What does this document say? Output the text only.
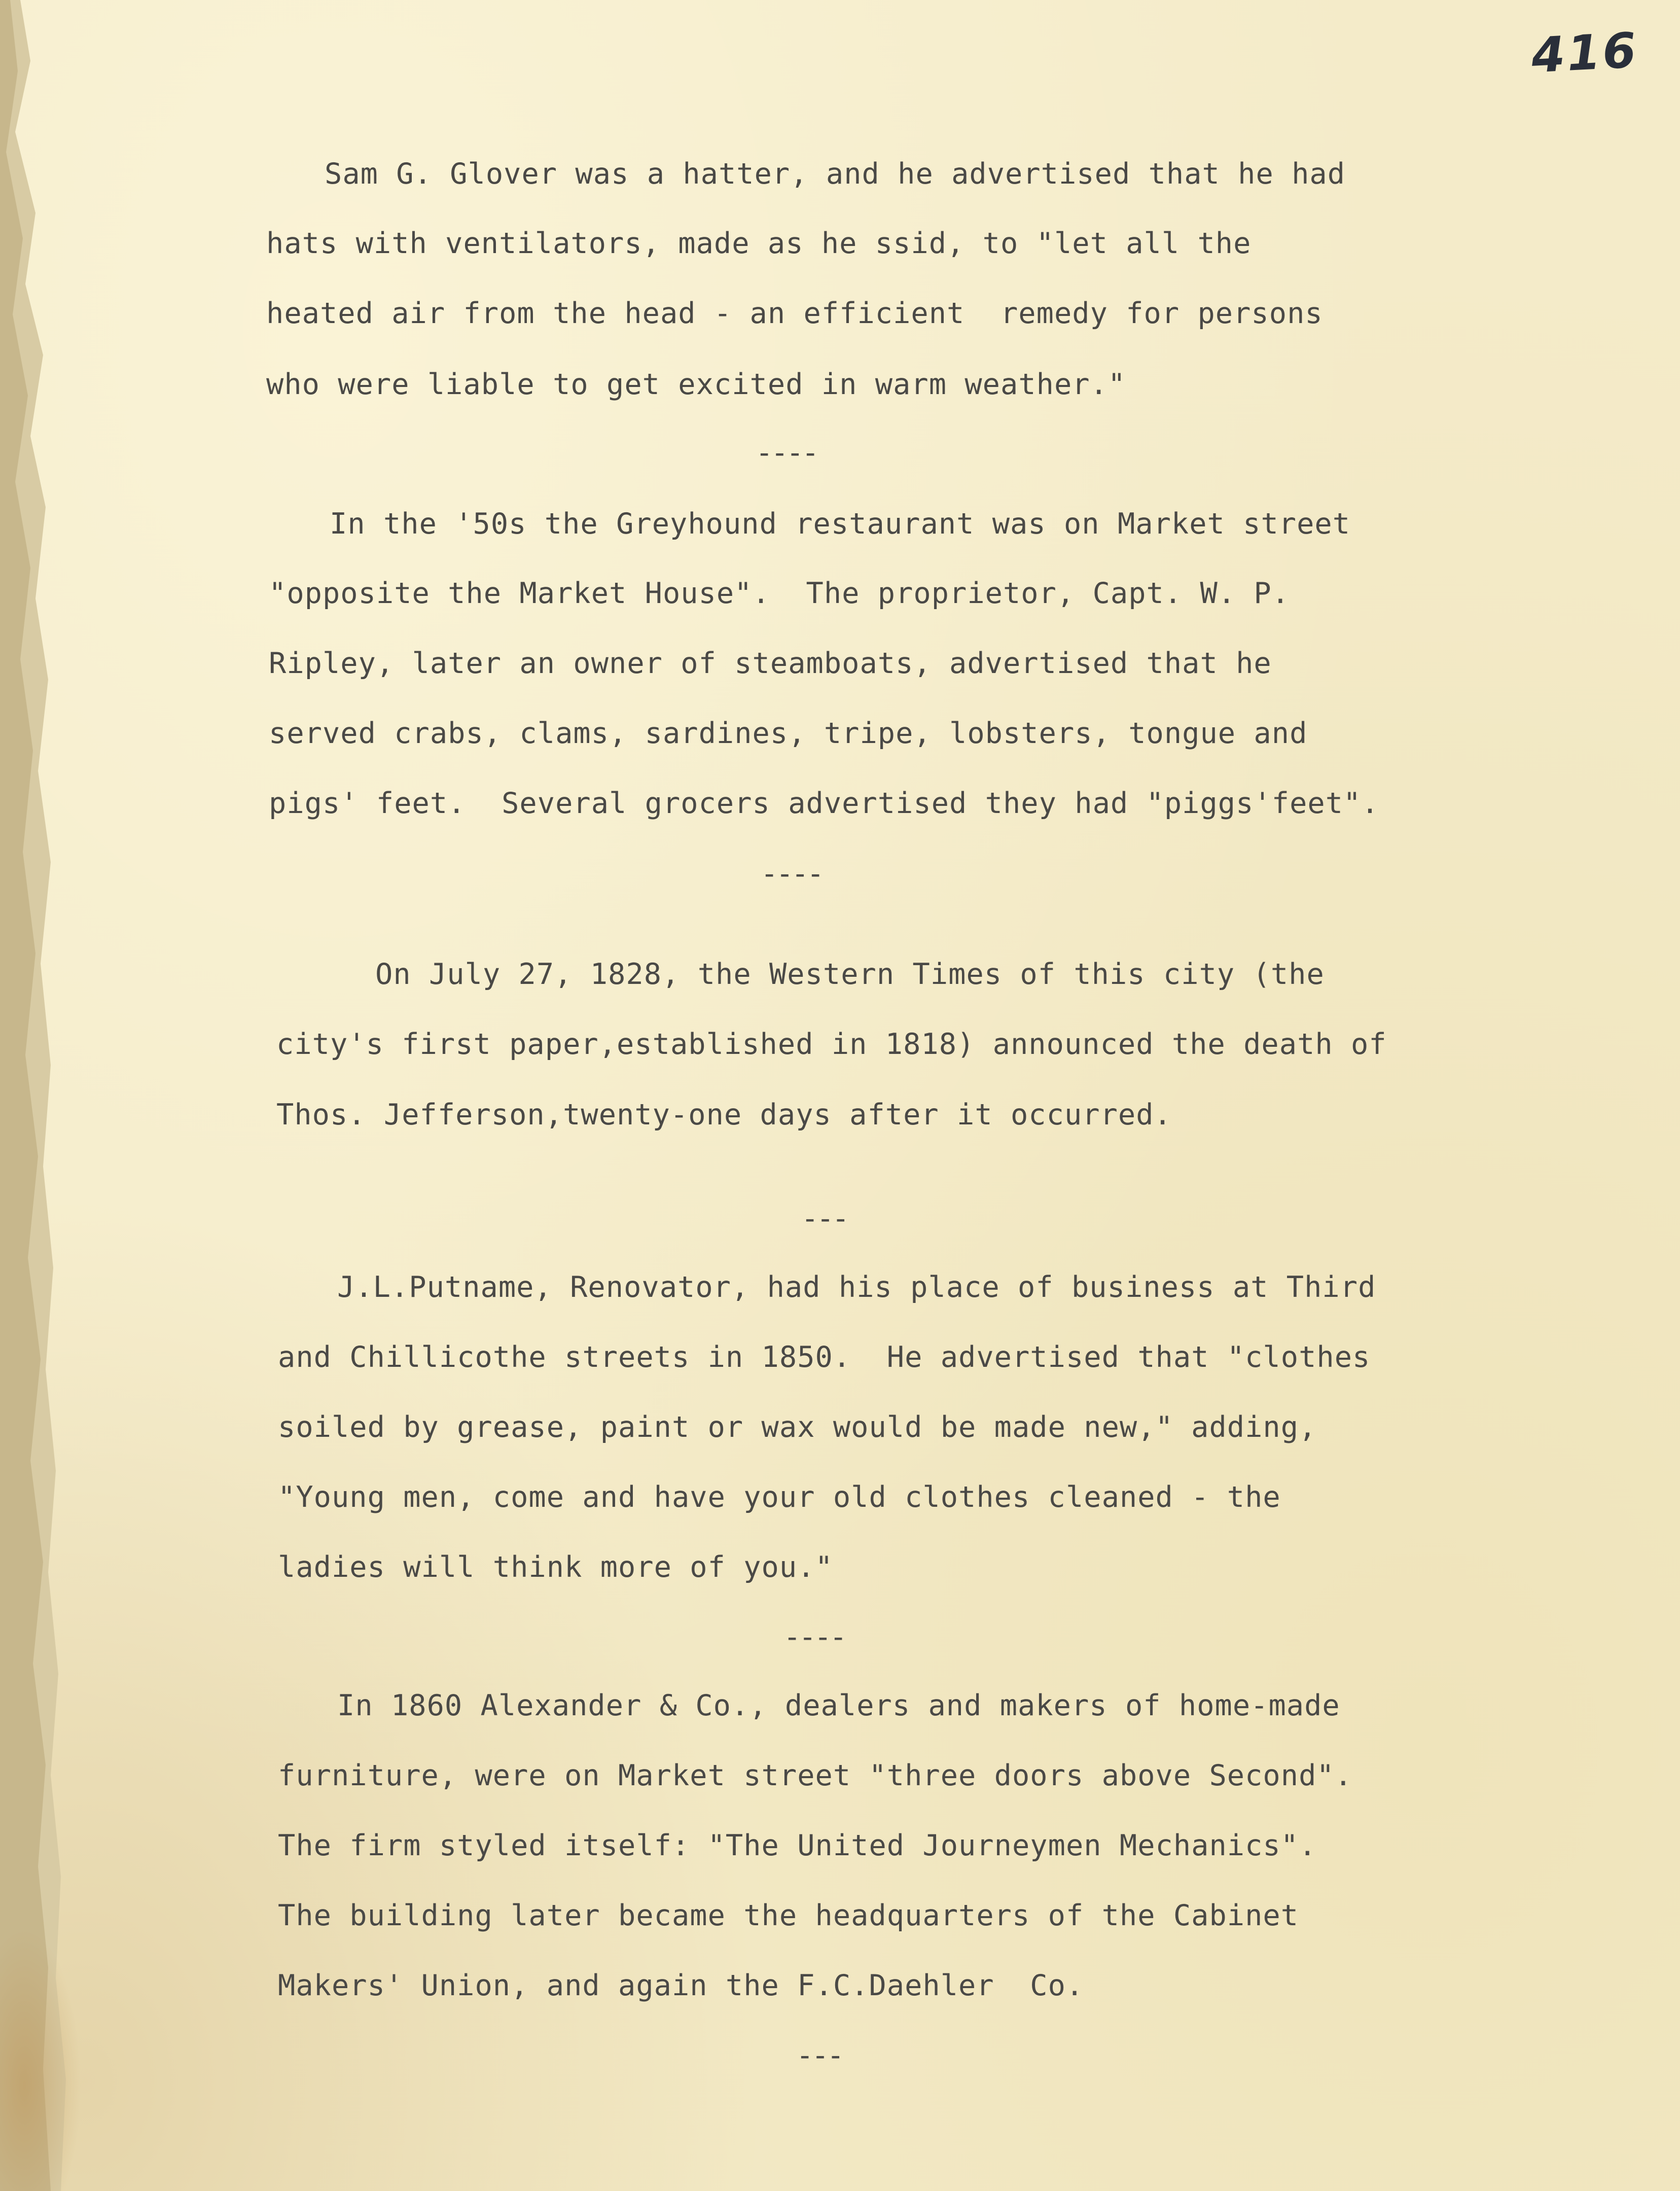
416
Sam G. Glover was a hatter, and he advertised that he had
hats with ventilators, made as he ssid, to "let all the
heated air from the head - an efficient  remedy for persons
who were liable to get excited in warm weather."
----
In the '50s the Greyhound restaurant was on Market street
"opposite the Market House".  The proprietor, Capt. W. P.
Ripley, later an owner of steamboats, advertised that he
served crabs, clams, sardines, tripe, lobsters, tongue and
pigs' feet.  Several grocers advertised they had "piggs'feet".
----
On July 27, 1828, the Western Times of this city (the
city's first paper,established in 1818) announced the death of
Thos. Jefferson,twenty-one days after it occurred.
---
J.L.Putname, Renovator, had his place of business at Third
and Chillicothe streets in 1850.  He advertised that "clothes
soiled by grease, paint or wax would be made new," adding,
"Young men, come and have your old clothes cleaned - the
ladies will think more of you."
----
In 1860 Alexander & Co., dealers and makers of home-made
furniture, were on Market street "three doors above Second".
The firm styled itself: "The United Journeymen Mechanics".
The building later became the headquarters of the Cabinet
Makers' Union, and again the F.C.Daehler  Co.
---
